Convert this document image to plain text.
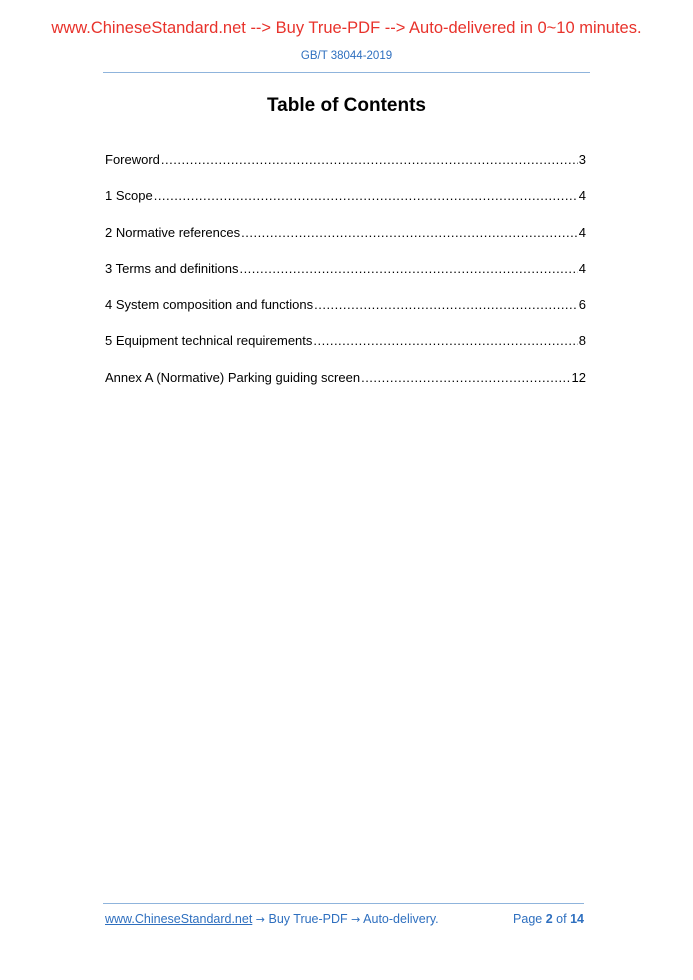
www.ChineseStandard.net --> Buy True-PDF --> Auto-delivered in 0~10 minutes.
GB/T 38044-2019
Table of Contents
Foreword .....	3
1 Scope .....	4
2 Normative references .....	4
3 Terms and definitions .....	4
4 System composition and functions .....	6
5 Equipment technical requirements .....	8
Annex A (Normative) Parking guiding screen .....	12
www.ChineseStandard.net → Buy True-PDF → Auto-delivery.	Page 2 of 14
